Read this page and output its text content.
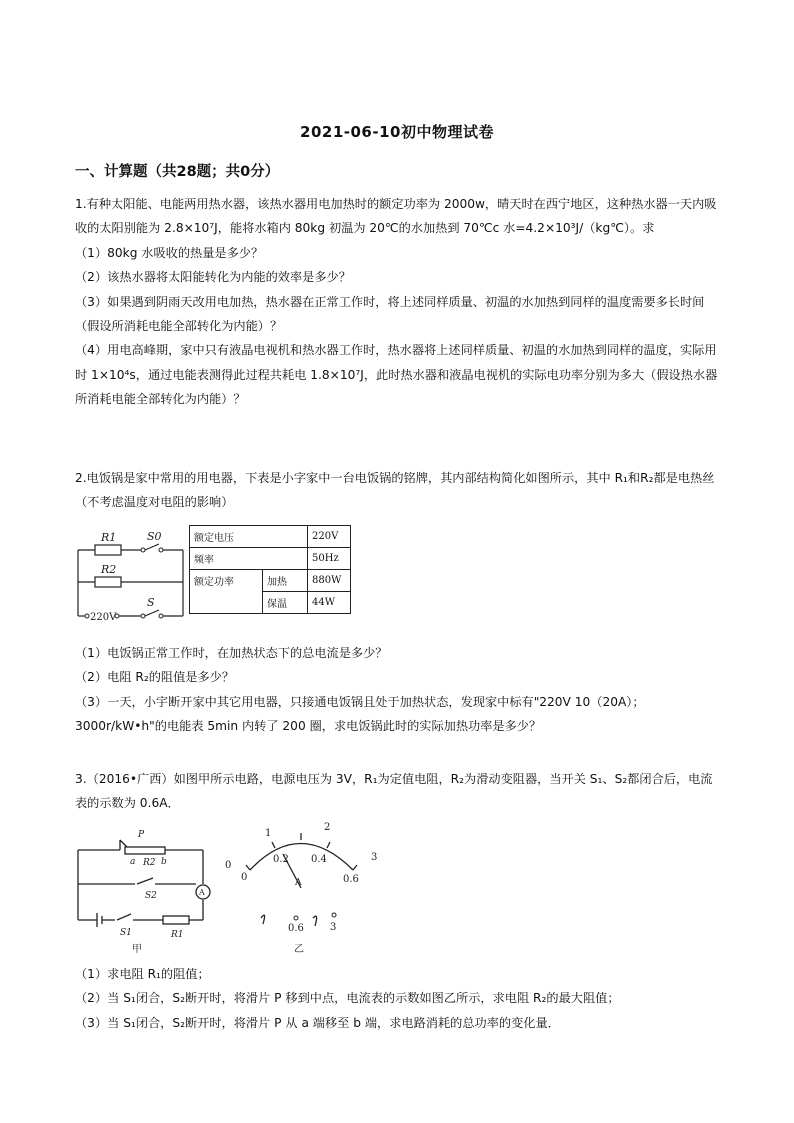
2021-06-10初中物理试卷
一、计算题（共28题；共0分）
1.有种太阳能、电能两用热水器，该热水器用电加热时的额定功率为 2000w，晴天时在西宁地区，这种热水器一天内吸收的太阳别能为 2.8×10⁷J，能将水箱内 80kg 初温为 20℃的水加热到 70℃c 水=4.2×10³J/（kg℃）。求
（1）80kg 水吸收的热量是多少？
（2）该热水器将太阳能转化为内能的效率是多少？
（3）如果遇到阴雨天改用电加热，热水器在正常工作时，将上述同样质量、初温的水加热到同样的温度需要多长时间（假设所消耗电能全部转化为内能）？
（4）用电高峰期，家中只有液晶电视机和热水器工作时，热水器将上述同样质量、初温的水加热到同样的温度，实际用时 1×10⁴s，通过电能表测得此过程共耗电 1.8×10⁷J，此时热水器和液晶电视机的实际电功率分别为多大（假设热水器所消耗电能全部转化为内能）？
2.电饭锅是家中常用的用电器，下表是小字家中一台电饭锅的铭牌，其内部结构简化如图所示，其中 R₁和R₂都是电热丝（不考虑温度对电阻的影响）
R1	S0
R2
S
220V
额定电压		220V
频率		50Hz
额定功率	加热	880W
	保温	44W
（1）电饭锅正常工作时，在加热状态下的总电流是多少？
（2）电阻 R₂的阻值是多少？
（3）一天，小宇断开家中其它用电器，只接通电饭锅且处于加热状态，发现家中标有"220V 10（20A）；3000r/kW•h"的电能表 5min 内转了 200 圈，求电饭锅此时的实际加热功率是多少？
3.（2016•广西）如图甲所示电路，电源电压为 3V，R₁为定值电阻，R₂为滑动变阻器，当开关 S₁、S₂都闭合后，电流表的示数为 0.6A．
P
a R2 b
S2	A
S1	R1
甲	乙
0
1
2
3
0
0.2 0.4
0.6
A
0.6	3
（1）求电阻 R₁的阻值；
（2）当 S₁闭合，S₂断开时，将滑片 P 移到中点，电流表的示数如图乙所示，求电阻 R₂的最大阻值；
（3）当 S₁闭合，S₂断开时，将滑片 P 从 a 端移至 b 端，求电路消耗的总功率的变化量．
